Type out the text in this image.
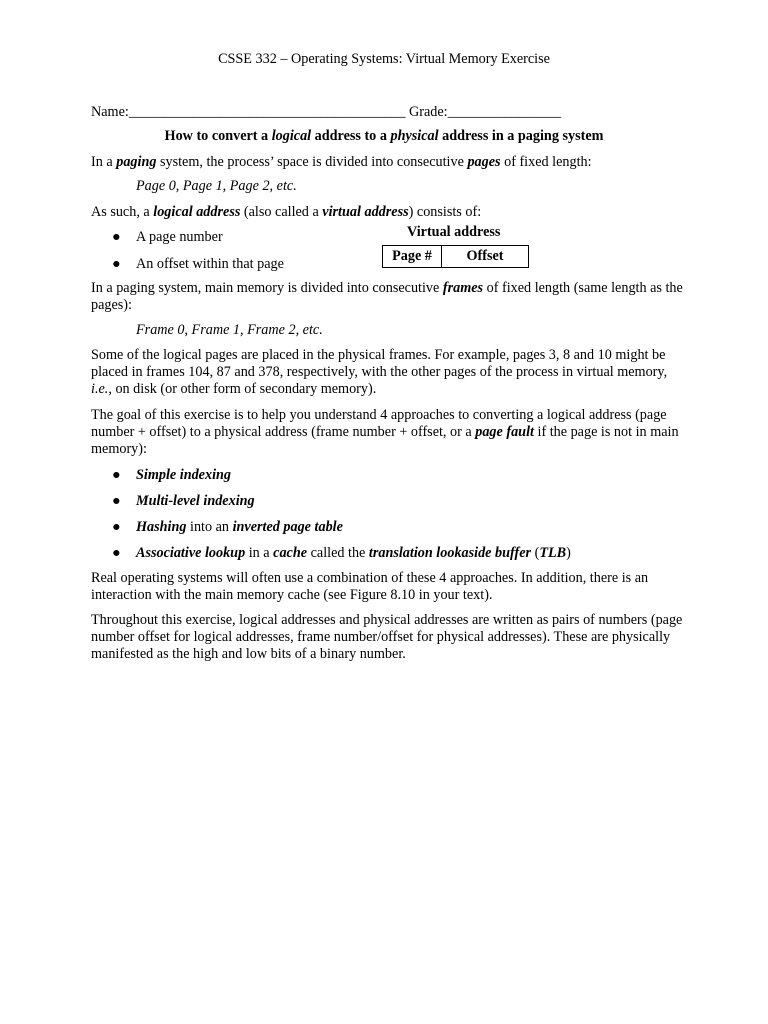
CSSE 332 – Operating Systems: Virtual Memory Exercise
Name:_______________________________________ Grade:________________
How to convert a logical address to a physical address in a paging system

In a paging system, the process’ space is divided into consecutive pages of fixed length:

Page 0, Page 1, Page 2, etc.

As such, a logical address (also called a virtual address) consists of:

● A page number
● An offset within that page
Virtual address
Page #	Offset

In a paging system, main memory is divided into consecutive frames of fixed length (same length as the pages):

Frame 0, Frame 1, Frame 2, etc.

Some of the logical pages are placed in the physical frames. For example, pages 3, 8 and 10 might be placed in frames 104, 87 and 378, respectively, with the other pages of the process in virtual memory, i.e., on disk (or other form of secondary memory).

The goal of this exercise is to help you understand 4 approaches to converting a logical address (page number + offset) to a physical address (frame number + offset, or a page fault if the page is not in main memory):

● Simple indexing
● Multi-level indexing
● Hashing into an inverted page table
● Associative lookup in a cache called the translation lookaside buffer (TLB)

Real operating systems will often use a combination of these 4 approaches. In addition, there is an interaction with the main memory cache (see Figure 8.10 in your text).

Throughout this exercise, logical addresses and physical addresses are written as pairs of numbers (page number offset for logical addresses, frame number/offset for physical addresses). These are physically manifested as the high and low bits of a binary number.
